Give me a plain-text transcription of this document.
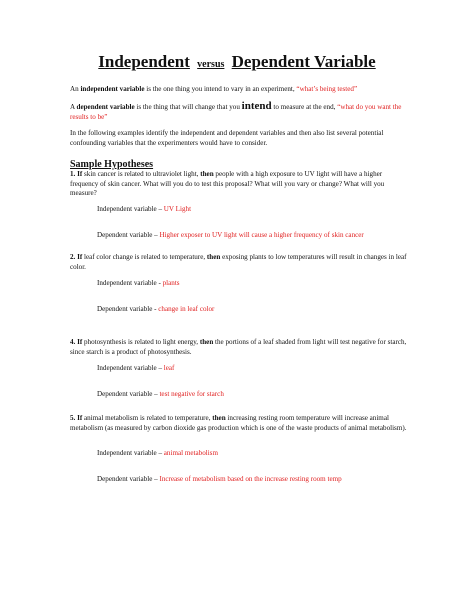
Independent versus Dependent Variable
An independent variable is the one thing you intend to vary in an experiment, “what’s being tested”
A dependent variable is the thing that will change that you intend to measure at the end, “what do you want the results to be”
In the following examples identify the independent and dependent variables and then also list several potential confounding variables that the experimenters would have to consider.
Sample Hypotheses
1. If skin cancer is related to ultraviolet light, then people with a high exposure to UV light will have a higher frequency of skin cancer. What will you do to test this proposal? What will you vary or change? What will you measure?
Independent variable – UV Light
Dependent variable – Higher exposer to UV light will cause a higher frequency of skin cancer
2. If leaf color change is related to temperature, then exposing plants to low temperatures will result in changes in leaf color.
Independent variable - plants
Dependent variable - change in leaf color
4. If photosynthesis is related to light energy, then the portions of a leaf shaded from light will test negative for starch, since starch is a product of photosynthesis.
Independent variable – leaf
Dependent variable – test negative for starch
5. If animal metabolism is related to temperature, then increasing resting room temperature will increase animal metabolism (as measured by carbon dioxide gas production which is one of the waste products of animal metabolism).
Independent variable – animal metabolism
Dependent variable – Increase of metabolism based on the increase resting room temp
